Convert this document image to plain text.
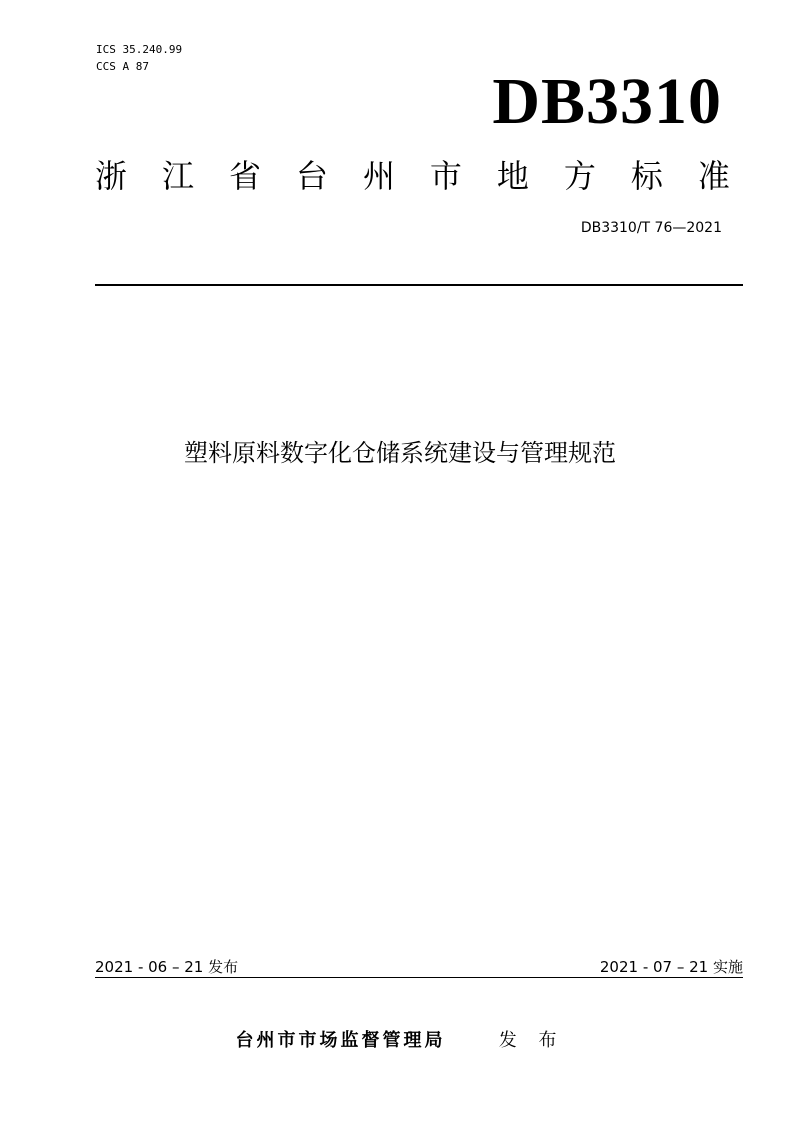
ICS 35.240.99
CCS A 87	DB3310
浙 江 省 台 州 市 地 方 标 准
DB3310/T 76—2021
塑料原料数字化仓储系统建设与管理规范
2021 - 06 – 21 发布	2021 - 07 – 21 实施
台州市市场监督管理局	发 布
